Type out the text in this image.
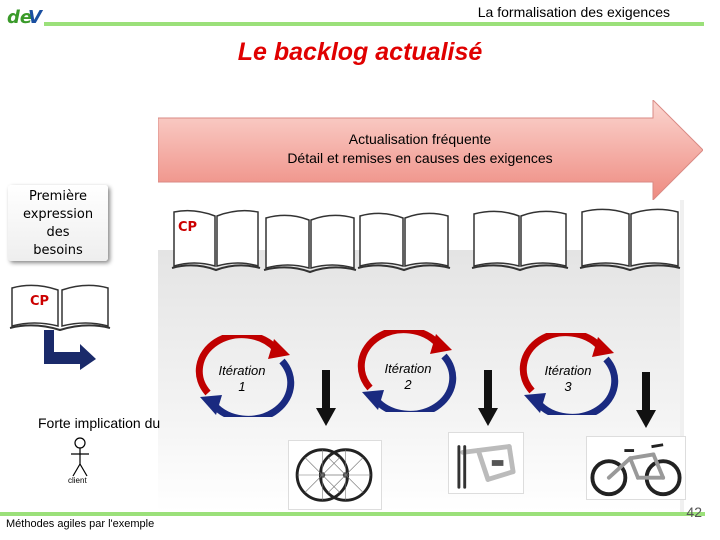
de
V	La formalisation des exigences
Le backlog actualisé
Actualisation fréquente
Détail et remises en causes des exigences
Première
expression
des
besoins
CP
CP
Itération
1
Itération
2
Itération
3
Forte implication du
client
Méthodes agiles par l'exemple
42
